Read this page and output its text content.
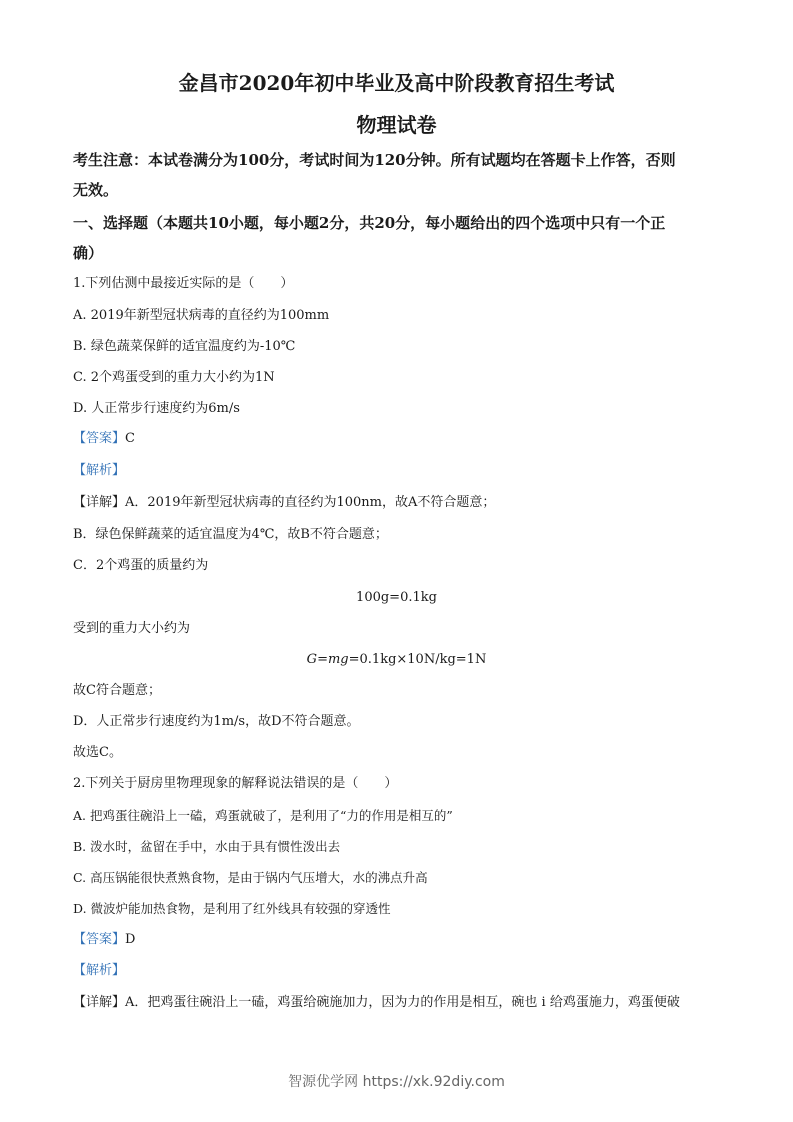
金昌市2020年初中毕业及高中阶段教育招生考试
物理试卷
考生注意：本试卷满分为100分，考试时间为120分钟。所有试题均在答题卡上作答，否则
无效。
一、选择题（本题共10小题，每小题2分，共20分，每小题给出的四个选项中只有一个正
确）
1.下列估测中最接近实际的是（　　）
A. 2019年新型冠状病毒的直径约为100mm
B. 绿色蔬菜保鲜的适宜温度约为-10℃
C. 2个鸡蛋受到的重力大小约为1N
D. 人正常步行速度约为6m/s
【答案】C
【解析】
【详解】A．2019年新型冠状病毒的直径约为100nm，故A不符合题意；
B．绿色保鲜蔬菜的适宜温度为4℃，故B不符合题意；
C．2个鸡蛋的质量约为
100g=0.1kg
受到的重力大小约为
G=mg=0.1kg×10N/kg=1N
故C符合题意；
D．人正常步行速度约为1m/s，故D不符合题意。
故选C。
2.下列关于厨房里物理现象的解释说法错误的是（　　）
A. 把鸡蛋往碗沿上一磕，鸡蛋就破了，是利用了“力的作用是相互的”
B. 泼水时，盆留在手中，水由于具有惯性泼出去
C. 高压锅能很快煮熟食物，是由于锅内气压增大，水的沸点升高
D. 微波炉能加热食物，是利用了红外线具有较强的穿透性
【答案】D
【解析】
【详解】A．把鸡蛋往碗沿上一磕，鸡蛋给碗施加力，因为力的作用是相互，碗也 i 给鸡蛋施力，鸡蛋便破
智源优学网 https://xk.92diy.com
